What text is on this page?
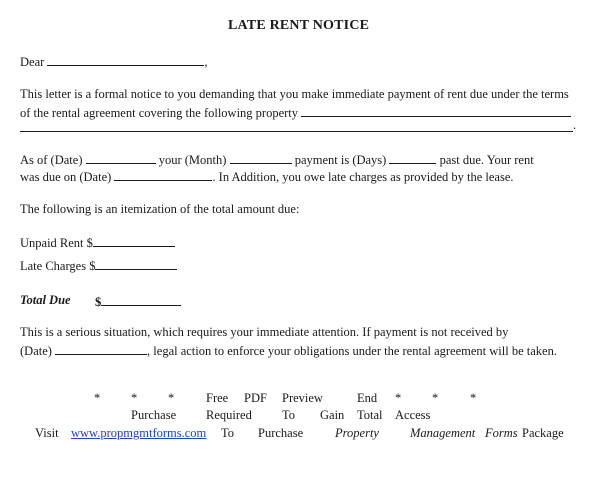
LATE RENT NOTICE
Dear	,
This letter is a formal notice to you demanding that you make immediate payment of rent due under the terms
of the rental agreement covering the following property
.
As of (Date)	your (Month)	payment is (Days)	past due. Your rent
was due on (Date)	. In Addition, you owe late charges as provided by the lease.
The following is an itemization of the total amount due:
Unpaid Rent $
Late Charges $
Total Due $
This is a serious situation, which requires your immediate attention. If payment is not received by
(Date)	, legal action to enforce your obligations under the rental agreement will be taken.
* * *	Free PDF Preview	End * *	*
Purchase Required To Gain Total Access
Visit www.propmgmtforms.com To Purchase	Property Management Forms Package
